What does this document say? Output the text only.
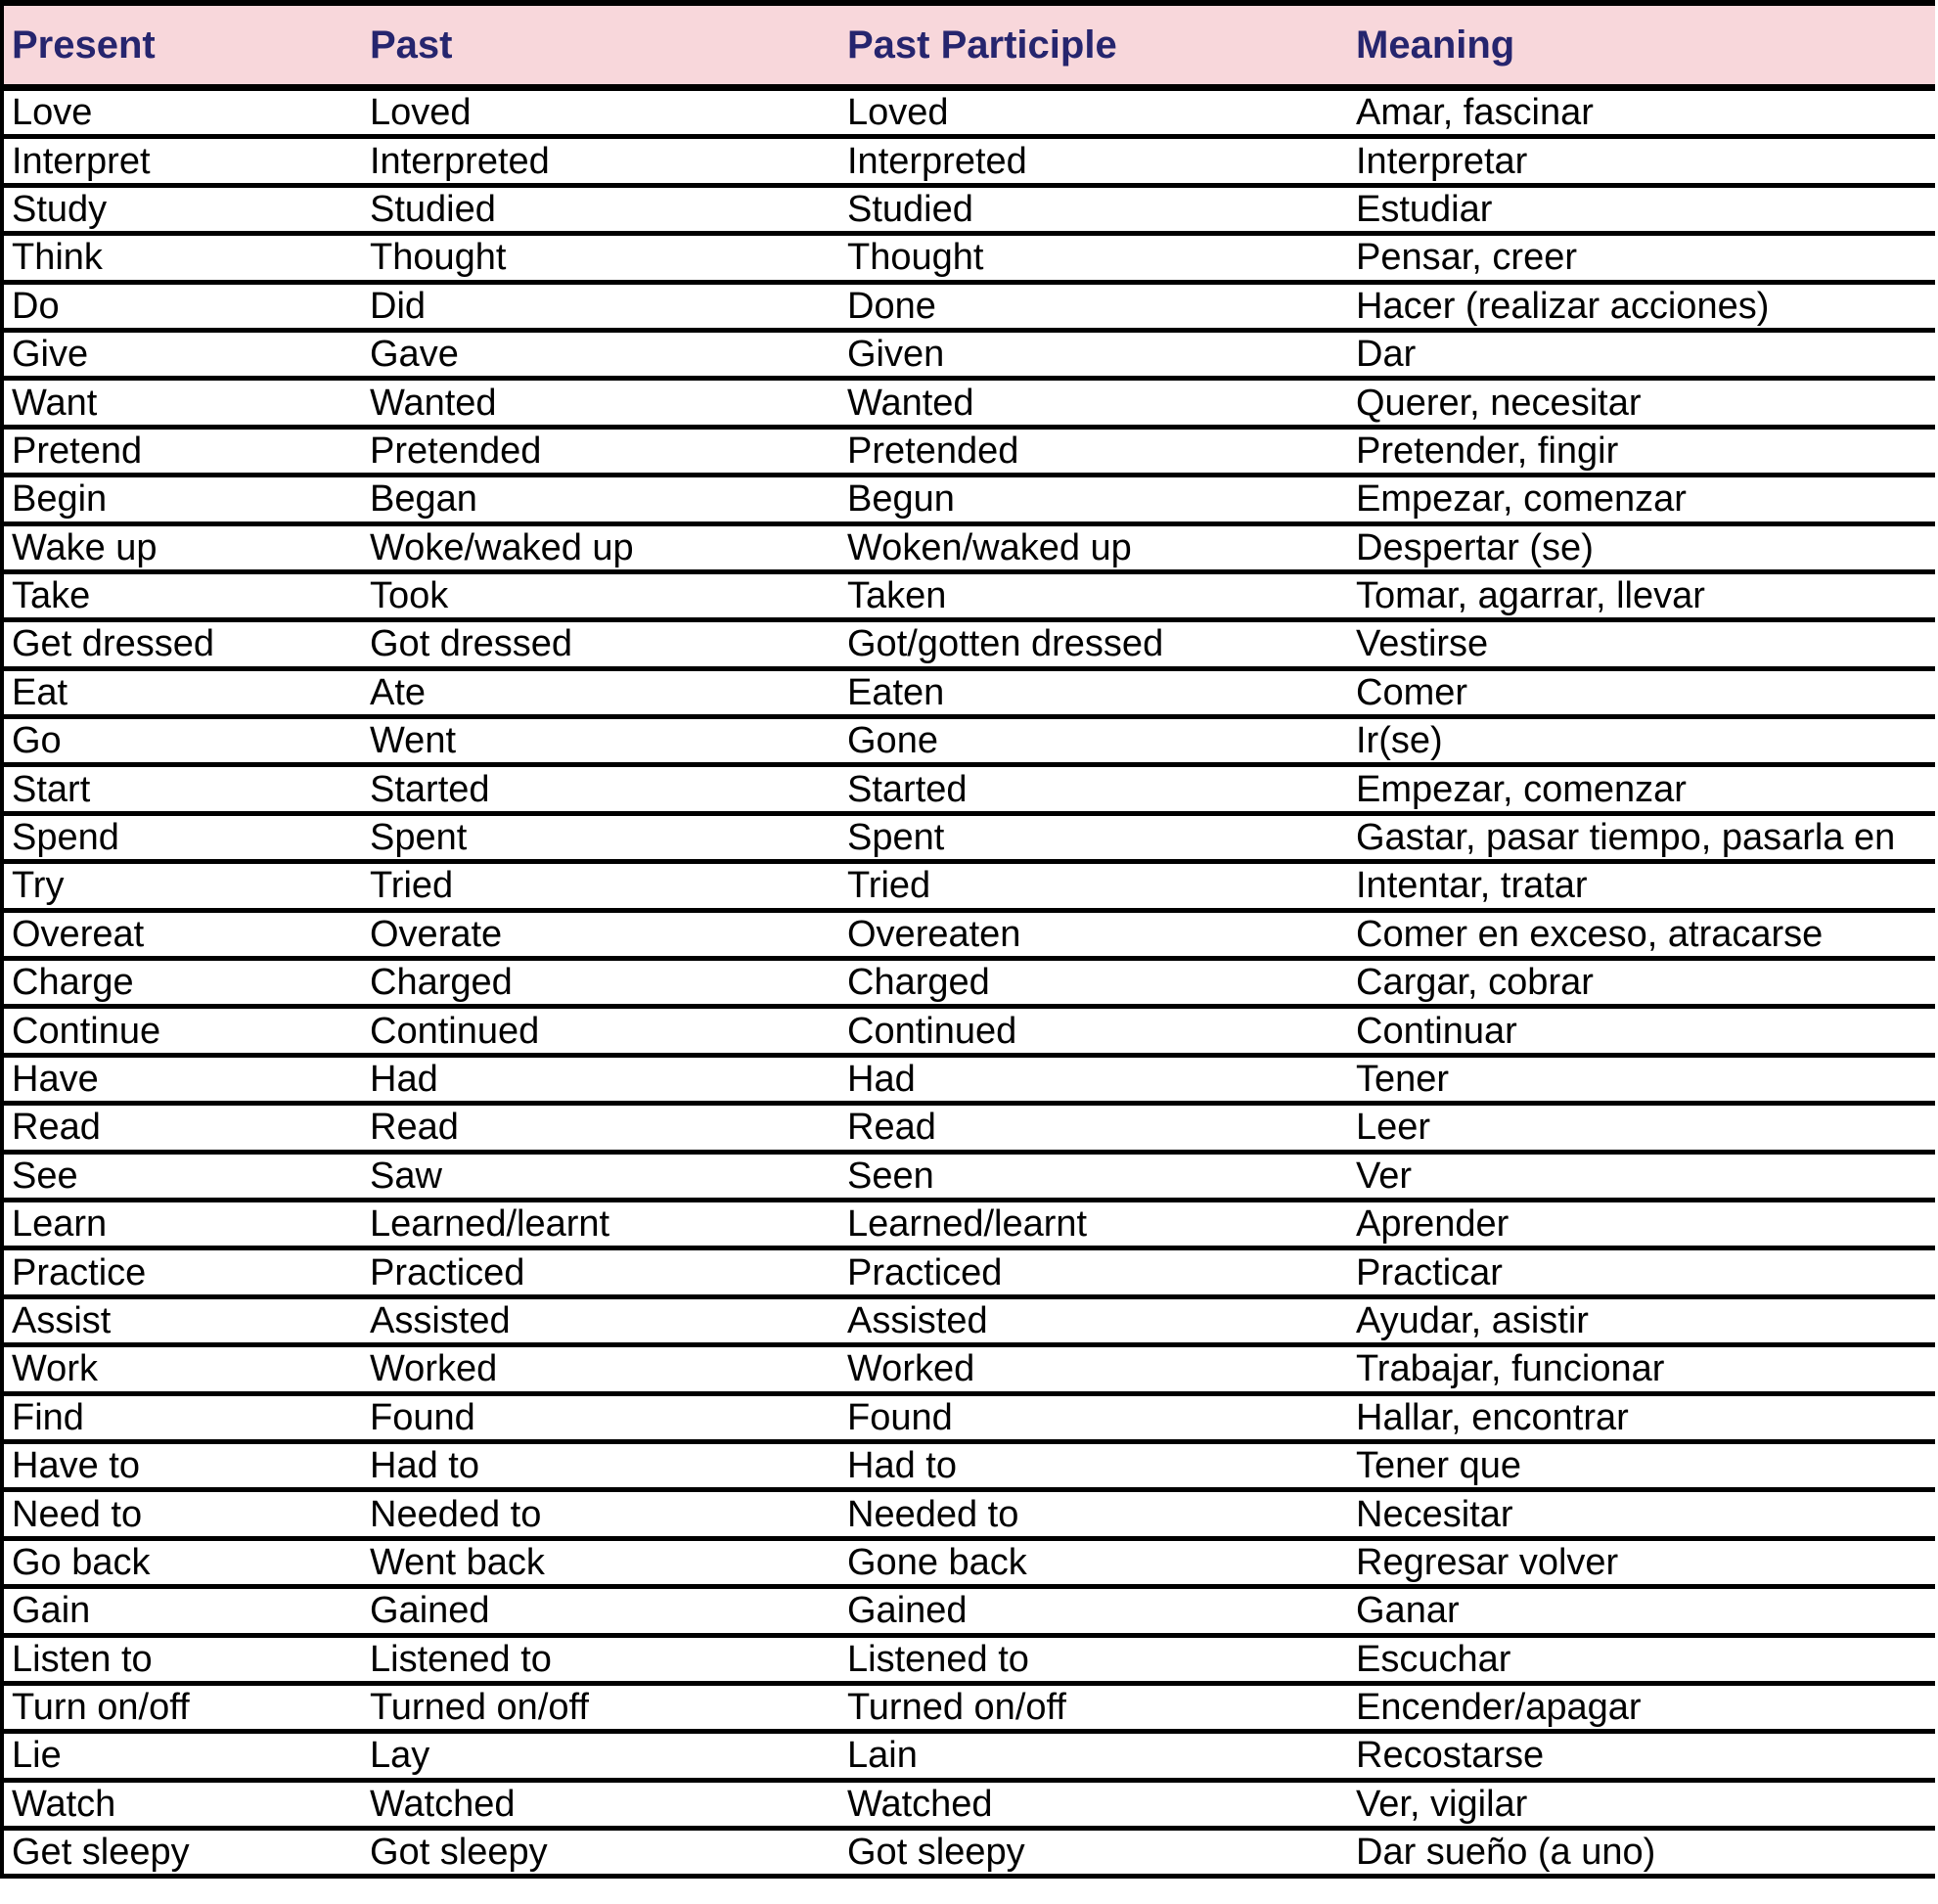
Present	Past	Past Participle	Meaning
Love	Loved	Loved	Amar, fascinar
Interpret	Interpreted	Interpreted	Interpretar
Study	Studied	Studied	Estudiar
Think	Thought	Thought	Pensar, creer
Do	Did	Done	Hacer (realizar acciones)
Give	Gave	Given	Dar
Want	Wanted	Wanted	Querer, necesitar
Pretend	Pretended	Pretended	Pretender, fingir
Begin	Began	Begun	Empezar, comenzar
Wake up	Woke/waked up	Woken/waked up	Despertar (se)
Take	Took	Taken	Tomar, agarrar, llevar
Get dressed	Got dressed	Got/gotten dressed	Vestirse
Eat	Ate	Eaten	Comer
Go	Went	Gone	Ir(se)
Start	Started	Started	Empezar, comenzar
Spend	Spent	Spent	Gastar, pasar tiempo, pasarla en
Try	Tried	Tried	Intentar, tratar
Overeat	Overate	Overeaten	Comer en exceso, atracarse
Charge	Charged	Charged	Cargar, cobrar
Continue	Continued	Continued	Continuar
Have	Had	Had	Tener
Read	Read	Read	Leer
See	Saw	Seen	Ver
Learn	Learned/learnt	Learned/learnt	Aprender
Practice	Practiced	Practiced	Practicar
Assist	Assisted	Assisted	Ayudar, asistir
Work	Worked	Worked	Trabajar, funcionar
Find	Found	Found	Hallar, encontrar
Have to	Had to	Had to	Tener que
Need to	Needed to	Needed to	Necesitar
Go back	Went back	Gone back	Regresar volver
Gain	Gained	Gained	Ganar
Listen to	Listened to	Listened to	Escuchar
Turn on/off	Turned on/off	Turned on/off	Encender/apagar
Lie	Lay	Lain	Recostarse
Watch	Watched	Watched	Ver, vigilar
Get sleepy	Got sleepy	Got sleepy	Dar sueño (a uno)
